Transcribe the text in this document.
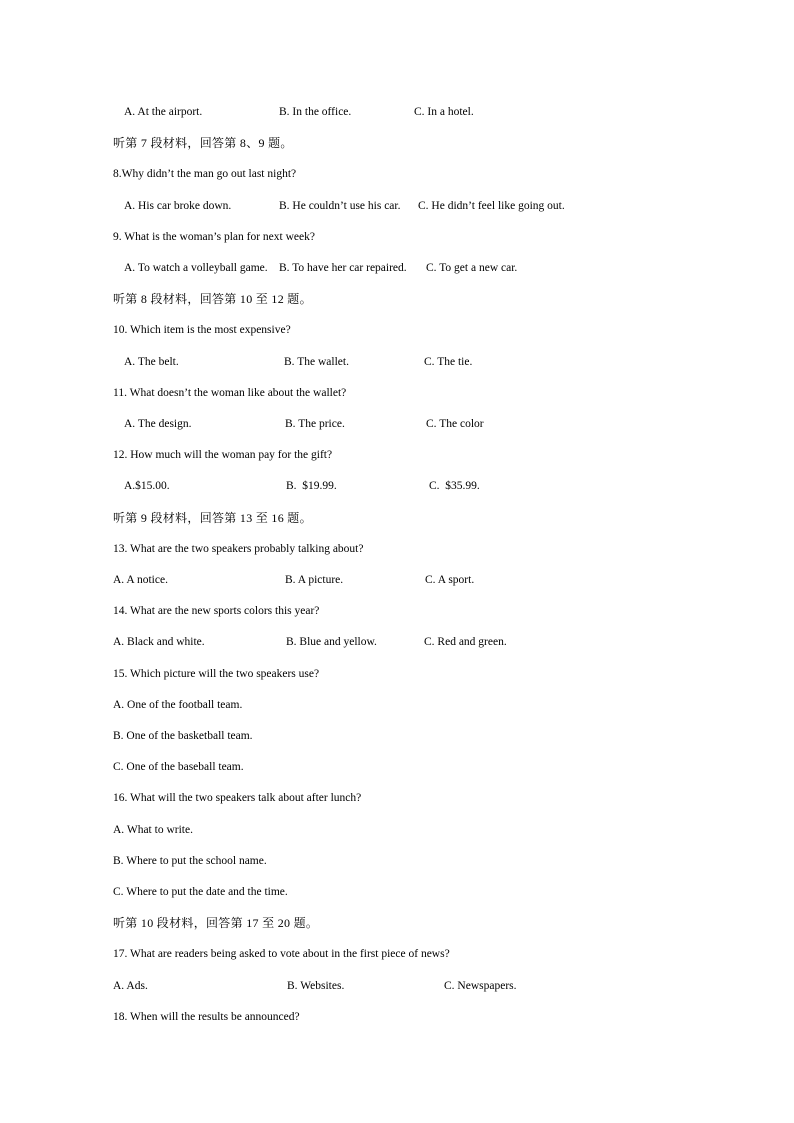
A. At the airport.	B. In the office.	C. In a hotel.
听第 7 段材料，回答第 8、9 题。
8.Why didn’t the man go out last night?
A. His car broke down.	B. He couldn’t use his car. C. He didn’t feel like going out.
9. What is the woman’s plan for next week?
A. To watch a volleyball game. B. To have her car repaired. C. To get a new car.
听第 8 段材料，回答第 10 至 12 题。
10. Which item is the most expensive?
A. The belt.	B. The wallet.	C. The tie.
11. What doesn’t the woman like about the wallet?
A. The design.	B. The price.	C. The color
12. How much will the woman pay for the gift?
A.$15.00.	B.  $19.99.	C.  $35.99.
听第 9 段材料，回答第 13 至 16 题。
13. What are the two speakers probably talking about?
A. A notice.	B. A picture.	C. A sport.
14. What are the new sports colors this year?
A. Black and white.	B. Blue and yellow.	C. Red and green.
15. Which picture will the two speakers use?
A. One of the football team.
B. One of the basketball team.
C. One of the baseball team.
16. What will the two speakers talk about after lunch?
A. What to write.
B. Where to put the school name.
C. Where to put the date and the time.
听第 10 段材料，回答第 17 至 20 题。
17. What are readers being asked to vote about in the first piece of news?
A. Ads.	B. Websites.	C. Newspapers.
18. When will the results be announced?
